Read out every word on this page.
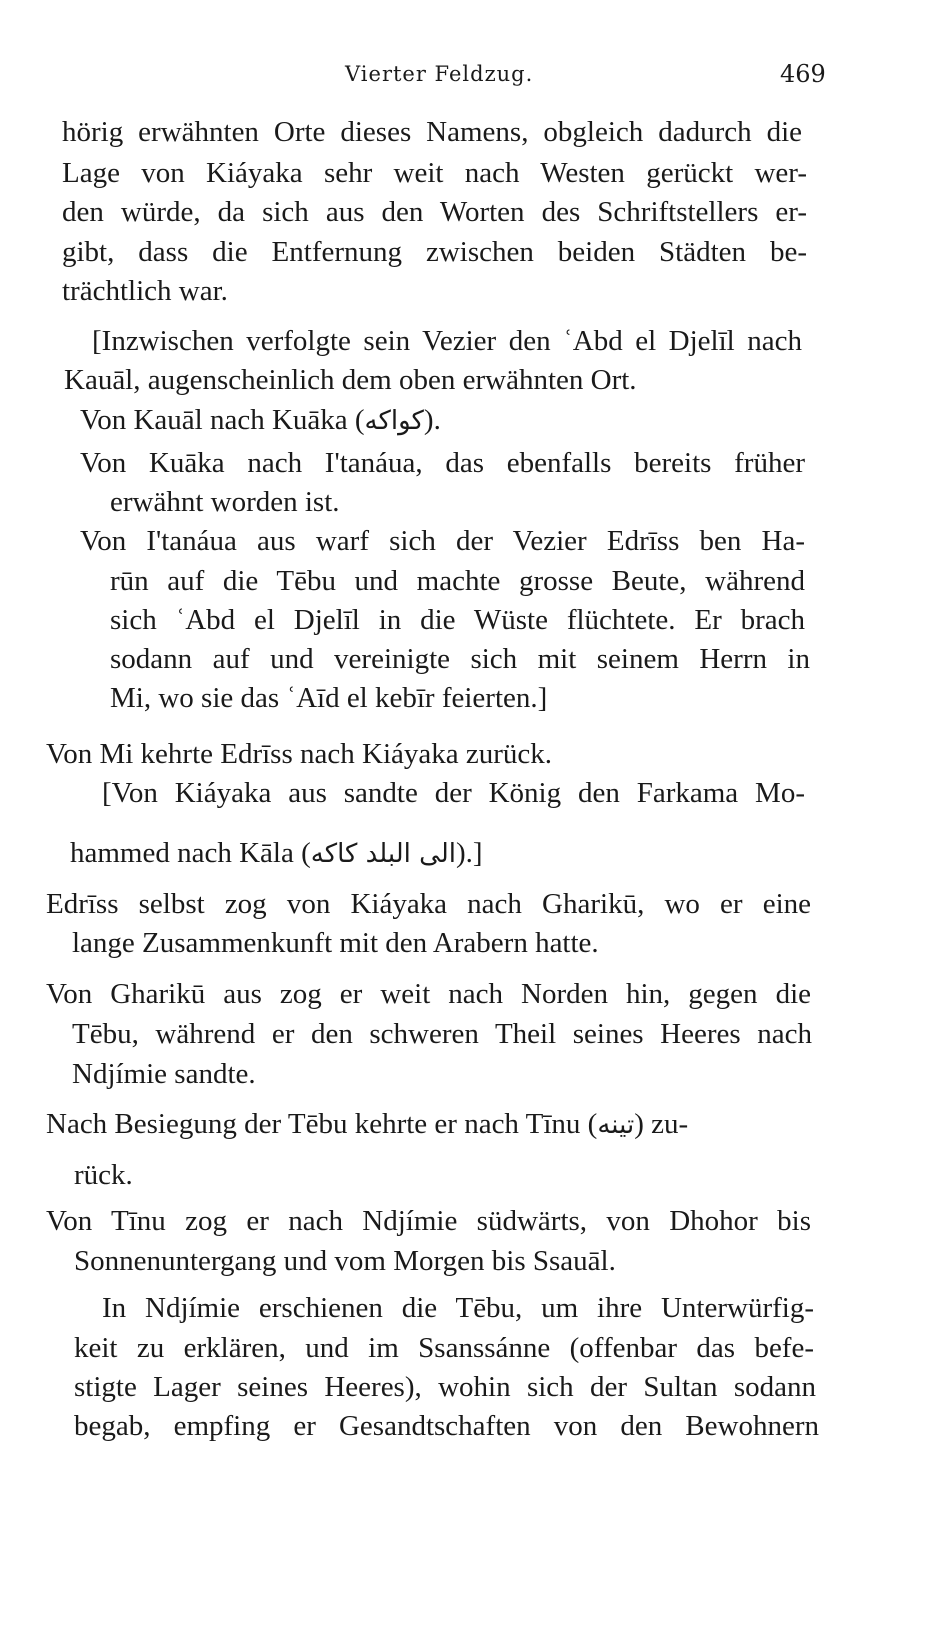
Vierter Feldzug.	469
hörig erwähnten Orte dieses Namens, obgleich dadurch die
Lage von Kiáyaka sehr weit nach Westen gerückt wer-
den würde, da sich aus den Worten des Schriftstellers er-
gibt, dass die Entfernung zwischen beiden Städten be-
trächtlich war.
[Inzwischen verfolgte sein Vezier den ʿAbd el Djelīl nach
Kauāl, augenscheinlich dem oben erwähnten Ort.
Von Kauāl nach Kuāka (كواكه).
Von Kuāka nach I'tanáua, das ebenfalls bereits früher
erwähnt worden ist.
Von I'tanáua aus warf sich der Vezier Edrīss ben Ha-
rūn auf die Tēbu und machte grosse Beute, während
sich ʿAbd el Djelīl in die Wüste flüchtete. Er brach
sodann auf und vereinigte sich mit seinem Herrn in
Mi, wo sie das ʿAīd el kebīr feierten.]
Von Mi kehrte Edrīss nach Kiáyaka zurück.
[Von Kiáyaka aus sandte der König den Farkama Mo-
hammed nach Kāla (الى البلد كاكه).]
Edrīss selbst zog von Kiáyaka nach Gharikū, wo er eine
lange Zusammenkunft mit den Arabern hatte.
Von Gharikū aus zog er weit nach Norden hin, gegen die
Tēbu, während er den schweren Theil seines Heeres nach
Ndjímie sandte.
Nach Besiegung der Tēbu kehrte er nach Tīnu (تينه) zu-
rück.
Von Tīnu zog er nach Ndjímie südwärts, von Dhohor bis
Sonnenuntergang und vom Morgen bis Ssauāl.
In Ndjímie erschienen die Tēbu, um ihre Unterwürfig-
keit zu erklären, und im Ssanssánne (offenbar das befe-
stigte Lager seines Heeres), wohin sich der Sultan sodann
begab, empfing er Gesandtschaften von den Bewohnern
